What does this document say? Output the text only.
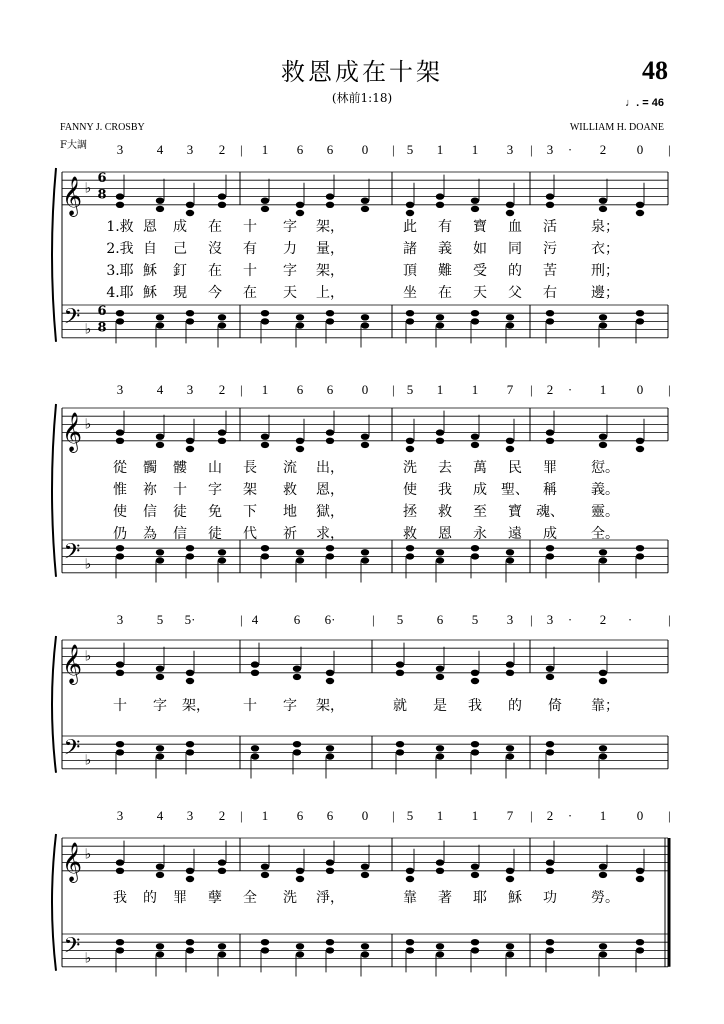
救恩成在十架
(林前1:18)
48
♩. = 46
FANNY J. CROSBY	WILLIAM H. DOANE
F大調
𝄞
𝄢
♭
♭
6
8
6
8
𝄞
𝄢
♭
♭
𝄞
𝄢
♭
♭
𝄞
𝄢
♭
♭
3	4 3 2 | 1 6 6 0 | 5 1 1 3 | 3 · 2 0 |
1.救 恩 成 在 十 字 架，	此 有 寶 血 活 泉；
2.我 自 己 沒 有 力 量，	諸 義 如 同 污 衣；
3.耶 穌 釘 在 十 字 架，	頂 難 受 的 苦 刑；
4.耶 穌 現 今 在 天 上，	坐 在 天 父 右 邊；
3	4 3 2 | 1 6 6 0 | 5 1 1 7 | 2 · 1 0 |
從 髑 髏 山 長 流 出，	洗 去 萬 民 罪 愆。
惟 祢 十 字 架 救 恩，	使 我 成 聖、 稱 義。
使 信 徒 免 下 地 獄，	拯 救 至 寶 魂、 靈。
仍 為 信 徒 代 祈 求，	救 恩 永 遠 成 全。
3	5 5·	| 4	6 6·	| 5	6 5 3 | 3 · 2 ·	|
十 字 架， 十 字 架，	就 是 我 的 倚 靠；
3	4 3 2 | 1 6 6 0 | 5 1 1 7 | 2 · 1 0 |
我 的 罪 孽 全 洗 淨，	靠 著 耶 穌 功 勞。
